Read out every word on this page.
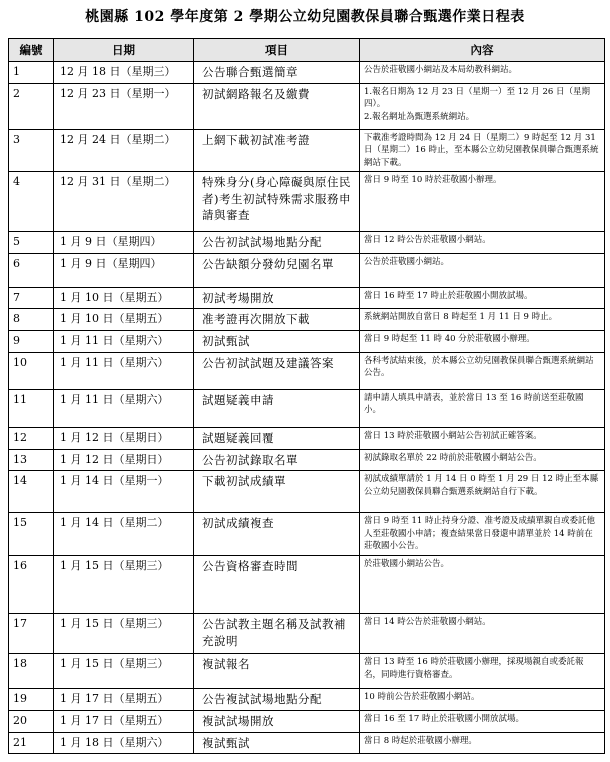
桃園縣 102 學年度第 2 學期公立幼兒園教保員聯合甄選作業日程表
編號	日期	項目	內容
1	12 月 18 日（星期三）	公告聯合甄選簡章	公告於莊敬國小網站及本局幼教科網站。
2	12 月 23 日（星期一）	初試網路報名及繳費	1.報名日期為 12 月 23 日（星期一）至 12 月 26 日（星期四）。
2.報名網址為甄選系統網站。
3	12 月 24 日（星期二）	上網下載初試准考證	下載准考證時間為 12 月 24 日（星期二）9 時起至 12 月 31 日（星期二）16 時止，至本縣公立幼兒園教保員聯合甄選系統網站下載。
4	12 月 31 日（星期二）	特殊身分(身心障礙與原住民者)考生初試特殊需求服務申請與審查	當日 9 時至 10 時於莊敬國小辦理。
5	1 月 9 日（星期四）	公告初試試場地點分配	當日 12 時公告於莊敬國小網站。
6	1 月 9 日（星期四）	公告缺額分發幼兒園名單	公告於莊敬國小網站。
7	1 月 10 日（星期五）	初試考場開放	當日 16 時至 17 時止於莊敬國小開放試場。
8	1 月 10 日（星期五）	准考證再次開放下載	系統網站開放自當日 8 時起至 1 月 11 日 9 時止。
9	1 月 11 日（星期六）	初試甄試	當日 9 時起至 11 時 40 分於莊敬國小辦理。
10	1 月 11 日（星期六）	公告初試試題及建議答案	各科考試結束後，於本縣公立幼兒園教保員聯合甄選系統網站公告。
11	1 月 11 日（星期六）	試題疑義申請	請申請人填具申請表，並於當日 13 至 16 時前送至莊敬國小。
12	1 月 12 日（星期日）	試題疑義回覆	當日 13 時於莊敬國小網站公告初試正確答案。
13	1 月 12 日（星期日）	公告初試錄取名單	初試錄取名單於 22 時前於莊敬國小網站公告。
14	1 月 14 日（星期一）	下載初試成績單	初試成績單請於 1 月 14 日 0 時至 1 月 29 日 12 時止至本縣公立幼兒園教保員聯合甄選系統網站自行下載。
15	1 月 14 日（星期二）	初試成績複查	當日 9 時至 11 時止持身分證、准考證及成績單親自或委託他人至莊敬國小申請；複查結果當日發還申請單並於 14 時前在莊敬國小公告。
16	1 月 15 日（星期三）	公告資格審查時間	於莊敬國小網站公告。
17	1 月 15 日（星期三）	公告試教主題名稱及試教補充說明	當日 14 時公告於莊敬國小網站。
18	1 月 15 日（星期三）	複試報名	當日 13 時至 16 時於莊敬國小辦理，採現場親自或委託報名，同時進行資格審查。
19	1 月 17 日（星期五）	公告複試試場地點分配	10 時前公告於莊敬國小網站。
20	1 月 17 日（星期五）	複試試場開放	當日 16 至 17 時止於莊敬國小開放試場。
21	1 月 18 日（星期六）	複試甄試	當日 8 時起於莊敬國小辦理。
